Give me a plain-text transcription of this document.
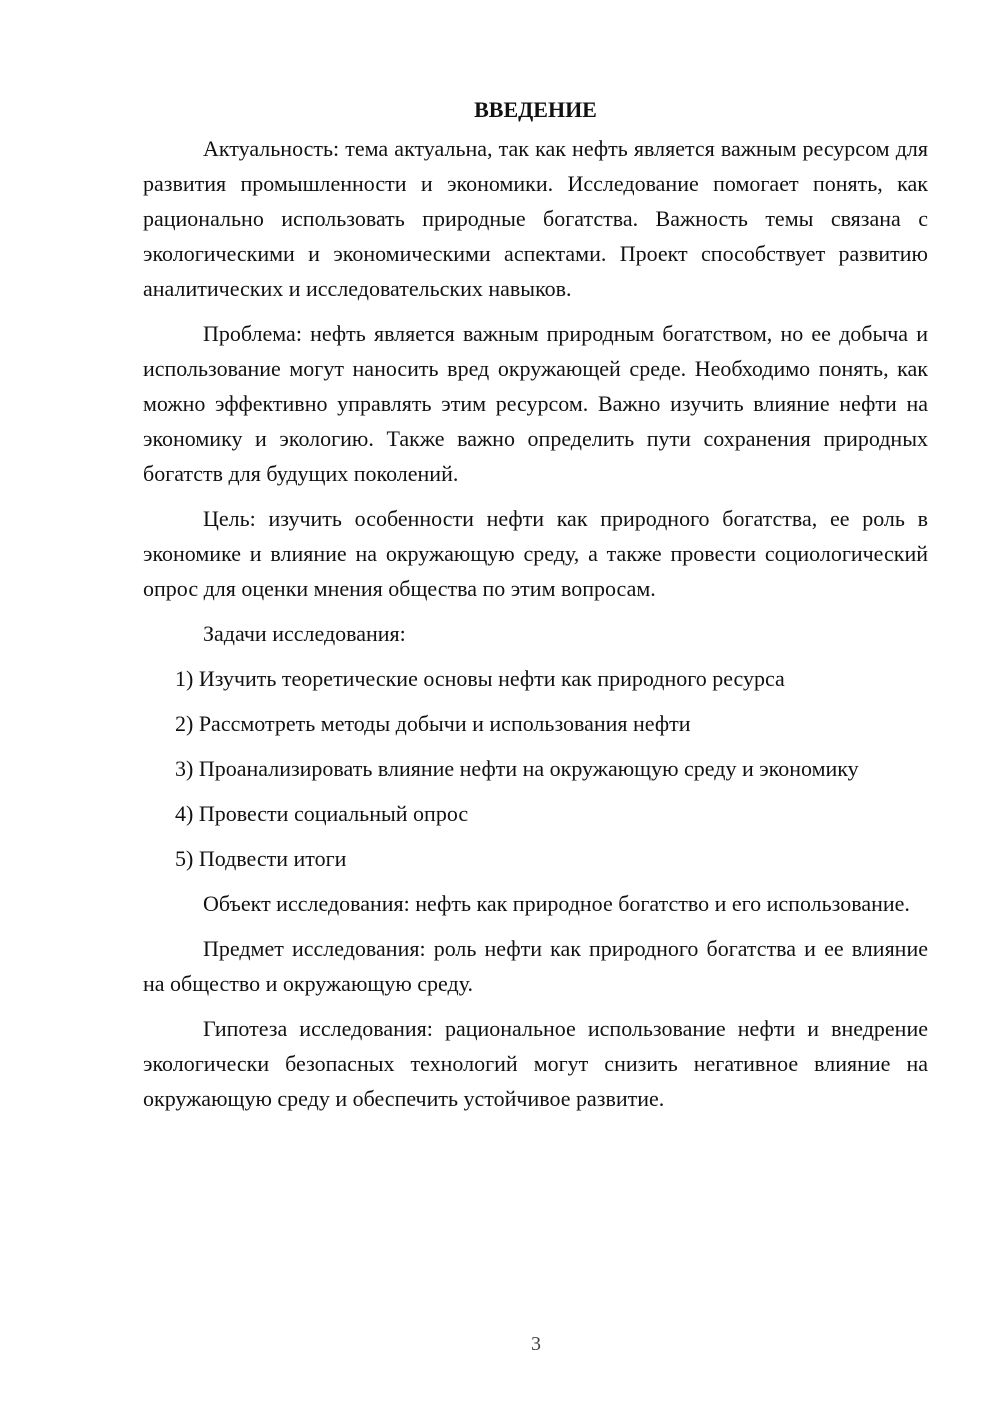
ВВЕДЕНИЕ

Актуальность: тема актуальна, так как нефть является важным ресурсом для развития промышленности и экономики. Исследование помогает понять, как рационально использовать природные богатства. Важность темы связана с экологическими и экономическими аспектами. Проект способствует развитию аналитических и исследовательских навыков.

Проблема: нефть является важным природным богатством, но ее добыча и использование могут наносить вред окружающей среде. Необходимо понять, как можно эффективно управлять этим ресурсом. Важно изучить влияние нефти на экономику и экологию. Также важно определить пути сохранения природных богатств для будущих поколений.

Цель: изучить особенности нефти как природного богатства, ее роль в экономике и влияние на окружающую среду, а также провести социологический опрос для оценки мнения общества по этим вопросам.

Задачи исследования:

1) Изучить теоретические основы нефти как природного ресурса

2) Рассмотреть методы добычи и использования нефти

3) Проанализировать влияние нефти на окружающую среду и экономику

4) Провести социальный опрос

5) Подвести итоги

Объект исследования: нефть как природное богатство и его использование.

Предмет исследования: роль нефти как природного богатства и ее влияние на общество и окружающую среду.

Гипотеза исследования: рациональное использование нефти и внедрение экологически безопасных технологий могут снизить негативное влияние на окружающую среду и обеспечить устойчивое развитие.

3
